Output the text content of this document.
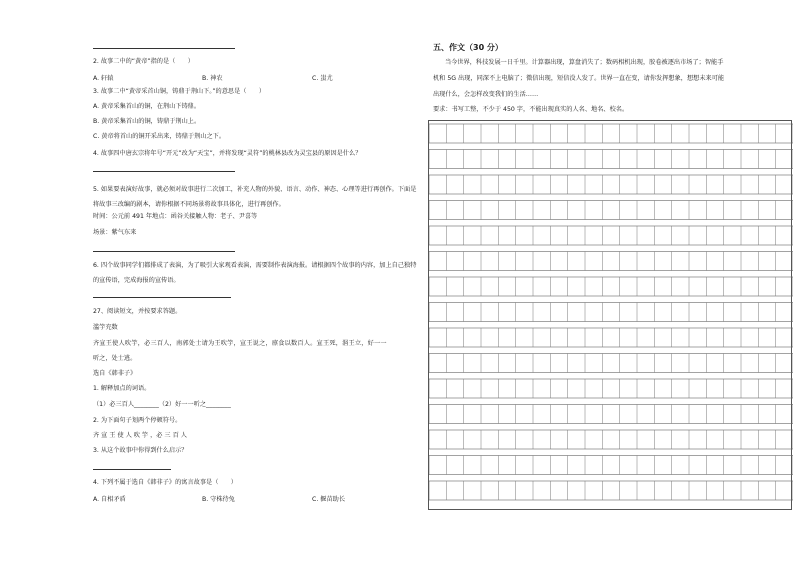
2. 故事二中的“黄帝”指的是（　　）
A. 轩辕	B. 神农	C. 蚩尤
3. 故事二中“黄帝采首山铜，铸鼎于荆山下。”的意思是（　　）
A. 黄帝采集首山的铜，在荆山下铸鼎。
B. 黄帝采集首山的铜，铸鼎于荆山上。
C. 黄帝将首山的铜开采出来，铸鼎于荆山之下。
4. 故事四中唐玄宗将年号“开元”改为“天宝”，并将发现“灵符”的桃林县改为灵宝县的原因是什么？
5. 如果要表演好故事，就必须对故事进行二次加工，补充人物的外貌、语言、动作、神态、心理等进行再创作。下面是将故事三改编的剧本，请你根据不同场景将故事具体化，进行再创作。
时间：公元前 491 年地点：函谷关接触人物：老子、尹喜等
场景：紫气东来
6. 四个故事同学们都排成了表演，为了吸引大家观看表演，需要制作表演海报。请根据四个故事的内容，加上自己独特的宣传语，完成海报的宣传语。
27、阅读短文，并按要求答题。
滥竽充数
齐宣王使人吹竽，必三百人，南郭处士请为王吹竽，宣王说之，廪食以数百人。宣王死，湣王立，好一一
听之，处士逃。
选自《韩非子》
1. 解释加点的词语。
（1）必三百人________（2）好一一听之________
2. 为下面句子划两个停顿符号。
齐 宣 王 使 人 吹 竽 ，必 三 百 人
3. 从这个故事中你得到什么启示？
4. 下列不属于选自《韩非子》的寓言故事是（　　）
A. 自相矛盾	B. 守株待兔	C. 揠苗助长
五、作文（30 分）
当今世界，科技发展一日千里。计算器出现，算盘消失了；数码相机出现，胶卷被逐出市场了；智能手
机和 5G 出现，同深不上电脑了；微信出现，短信没人发了。世界一直在变，请你发挥想象，想想未来可能
出现什么，会怎样改变我们的生活……
要求：书写工整，不少于 450 字，不能出现真实的人名、地名、校名。
